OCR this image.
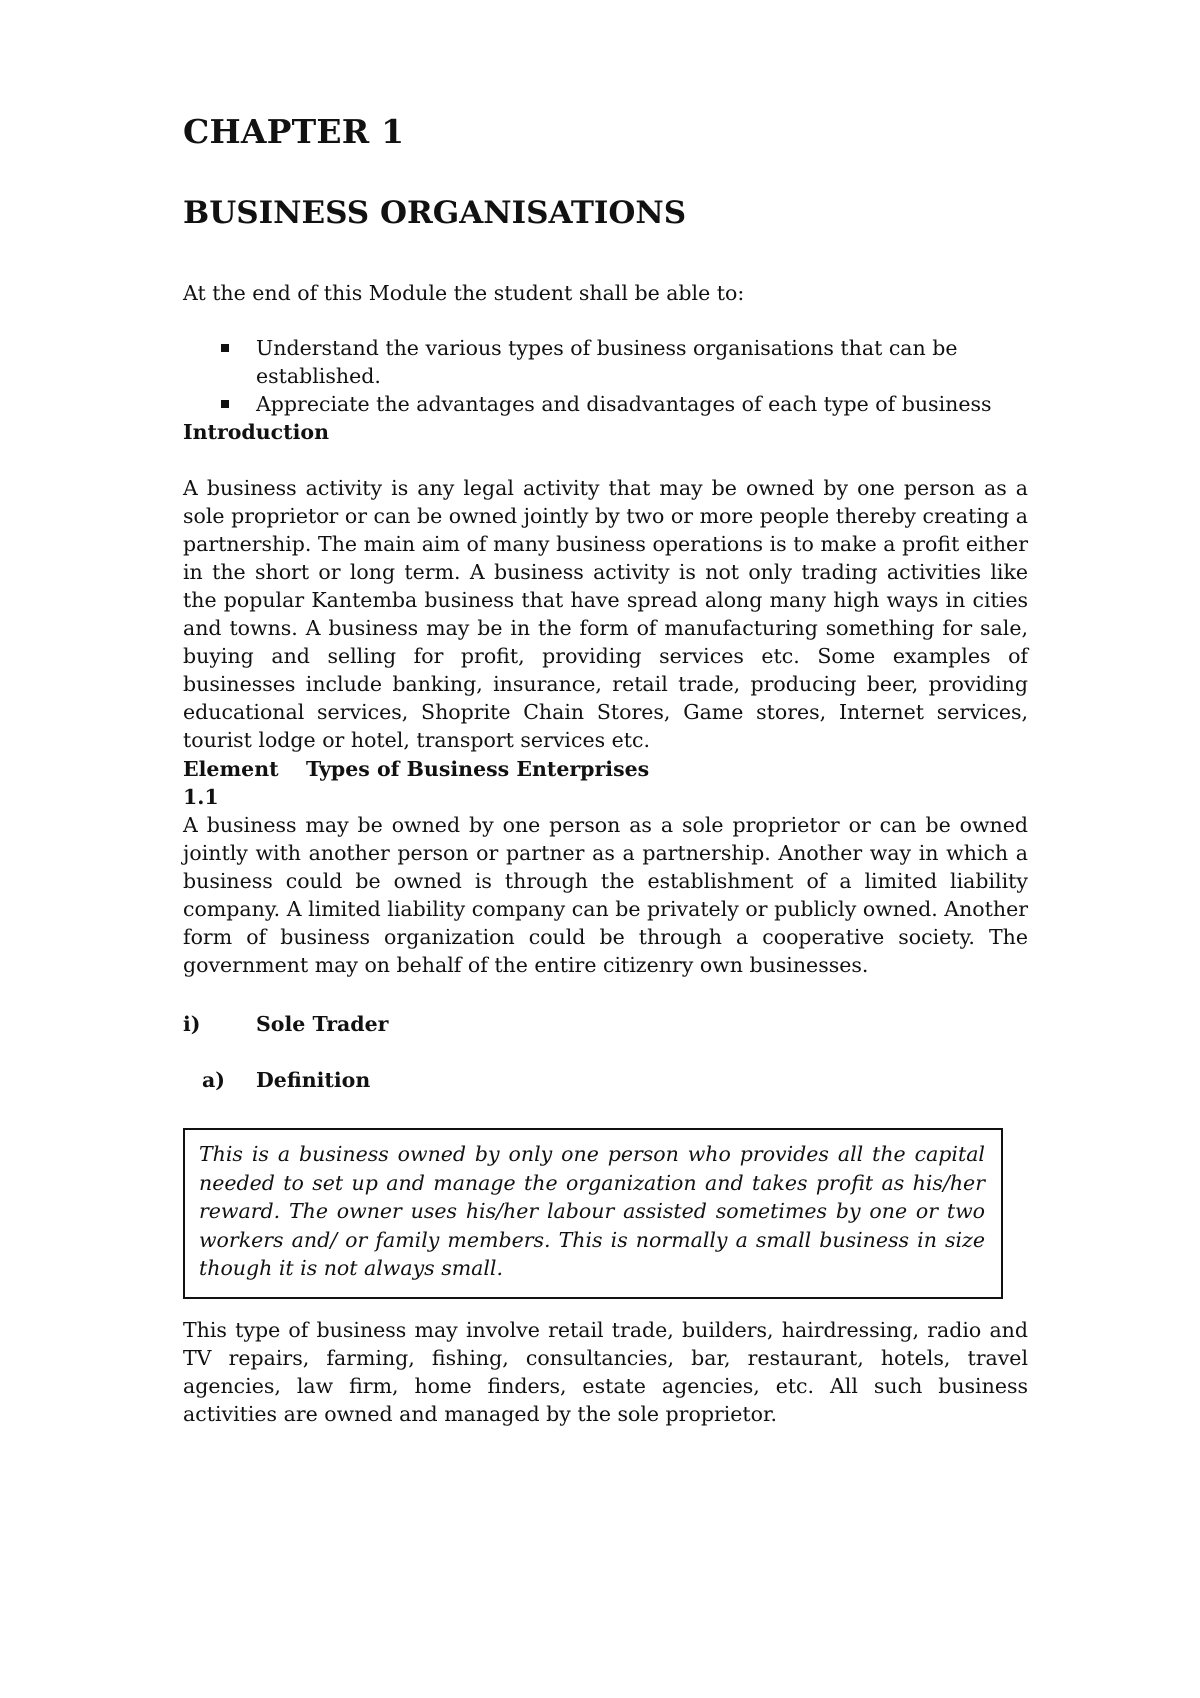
CHAPTER 1
BUSINESS ORGANISATIONS

At the end of this Module the student shall be able to:

Understand the various types of business organisations that can be established.
Appreciate the advantages and disadvantages of each type of business
Introduction

A business activity is any legal activity that may be owned by one person as a sole proprietor or can be owned jointly by two or more people thereby creating a partnership. The main aim of many business operations is to make a profit either in the short or long term. A business activity is not only trading activities like the popular Kantemba business that have spread along many high ways in cities and towns. A business may be in the form of manufacturing something for sale, buying and selling for profit, providing services etc. Some examples of businesses include banking, insurance, retail trade, producing beer, providing educational services, Shoprite Chain Stores, Game stores, Internet services, tourist lodge or hotel, transport services etc.

Element 1.1
Types of Business Enterprises

A business may be owned by one person as a sole proprietor or can be owned jointly with another person or partner as a partnership. Another way in which a business could be owned is through the establishment of a limited liability company. A limited liability company can be privately or publicly owned. Another form of business organization could be through a cooperative society. The government may on behalf of the entire citizenry own businesses.

i)	Sole Trader
a)	Definition

This is a business owned by only one person who provides all the capital needed to set up and manage the organization and takes profit as his/her reward. The owner uses his/her labour assisted sometimes by one or two workers and/ or family members. This is normally a small business in size though it is not always small.

This type of business may involve retail trade, builders, hairdressing, radio and TV repairs, farming, fishing, consultancies, bar, restaurant, hotels, travel agencies, law firm, home finders, estate agencies, etc. All such business activities are owned and managed by the sole proprietor.
